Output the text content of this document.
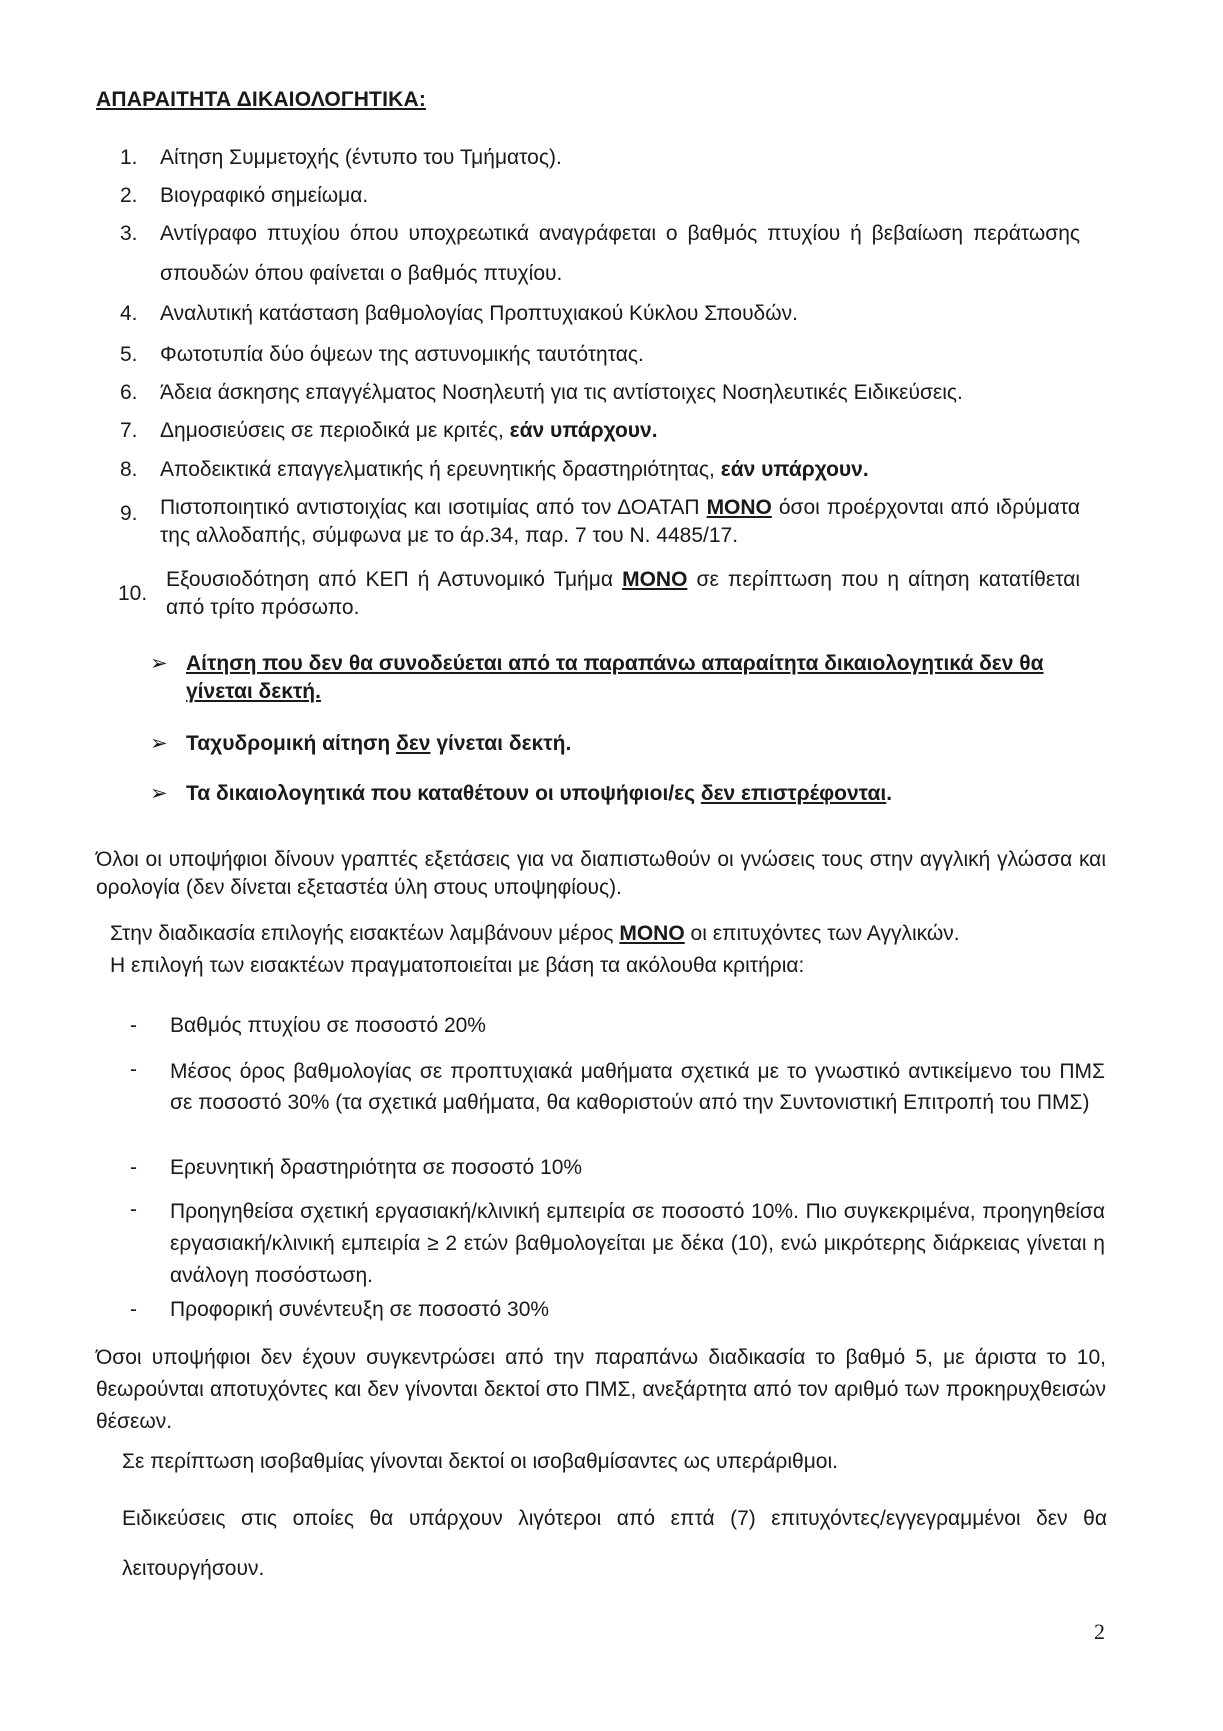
ΑΠΑΡΑΙΤΗΤΑ ΔΙΚΑΙΟΛΟΓΗΤΙΚΑ:
1. Αίτηση Συμμετοχής (έντυπο του Τμήματος).
2. Βιογραφικό σημείωμα.
3. Αντίγραφο πτυχίου όπου υποχρεωτικά αναγράφεται ο βαθμός πτυχίου ή βεβαίωση περάτωσης σπουδών όπου φαίνεται ο βαθμός πτυχίου.
4. Αναλυτική κατάσταση βαθμολογίας Προπτυχιακού Κύκλου Σπουδών.
5. Φωτοτυπία δύο όψεων της αστυνομικής ταυτότητας.
6. Άδεια άσκησης επαγγέλματος Νοσηλευτή για τις αντίστοιχες Νοσηλευτικές Ειδικεύσεις.
7. Δημοσιεύσεις σε περιοδικά με κριτές, εάν υπάρχουν.
8. Αποδεικτικά επαγγελματικής ή ερευνητικής δραστηριότητας, εάν υπάρχουν.
9. Πιστοποιητικό αντιστοιχίας και ισοτιμίας από τον ΔΟΑΤΑΠ ΜΟΝΟ όσοι προέρχονται από ιδρύματα της αλλοδαπής, σύμφωνα με το άρ.34, παρ. 7 του Ν. 4485/17.
10.
Εξουσιοδότηση από ΚΕΠ ή Αστυνομικό Τμήμα ΜΟΝΟ σε περίπτωση που η αίτηση κατατίθεται από τρίτο πρόσωπο.
➢ Αίτηση που δεν θα συνοδεύεται από τα παραπάνω απαραίτητα δικαιολογητικά δεν θα γίνεται δεκτή.
➢ Ταχυδρομική αίτηση δεν γίνεται δεκτή.
➢ Τα δικαιολογητικά που καταθέτουν οι υποψήφιοι/ες δεν επιστρέφονται.
Όλοι οι υποψήφιοι δίνουν γραπτές εξετάσεις για να διαπιστωθούν οι γνώσεις τους στην αγγλική γλώσσα και ορολογία (δεν δίνεται εξεταστέα ύλη στους υποψηφίους).
Στην διαδικασία επιλογής εισακτέων λαμβάνουν μέρος ΜΟΝΟ οι επιτυχόντες των Αγγλικών.
Η επιλογή των εισακτέων πραγματοποιείται με βάση τα ακόλουθα κριτήρια:
- Βαθμός πτυχίου σε ποσοστό 20%
- Μέσος όρος βαθμολογίας σε προπτυχιακά μαθήματα σχετικά με το γνωστικό αντικείμενο του ΠΜΣ σε ποσοστό 30% (τα σχετικά μαθήματα, θα καθοριστούν από την Συντονιστική Επιτροπή του ΠΜΣ)
- Ερευνητική δραστηριότητα σε ποσοστό 10%
- Προηγηθείσα σχετική εργασιακή/κλινική εμπειρία σε ποσοστό 10%. Πιο συγκεκριμένα, προηγηθείσα εργασιακή/κλινική εμπειρία ≥ 2 ετών βαθμολογείται με δέκα (10), ενώ μικρότερης διάρκειας γίνεται η ανάλογη ποσόστωση.
- Προφορική συνέντευξη σε ποσοστό 30%
Όσοι υποψήφιοι δεν έχουν συγκεντρώσει από την παραπάνω διαδικασία το βαθμό 5, με άριστα το 10, θεωρούνται αποτυχόντες και δεν γίνονται δεκτοί στο ΠΜΣ, ανεξάρτητα από τον αριθμό των προκηρυχθεισών θέσεων.
Σε περίπτωση ισοβαθμίας γίνονται δεκτοί οι ισοβαθμίσαντες ως υπεράριθμοι.
Ειδικεύσεις στις οποίες θα υπάρχουν λιγότεροι από επτά (7) επιτυχόντες/εγγεγραμμένοι δεν θα λειτουργήσουν.
2
